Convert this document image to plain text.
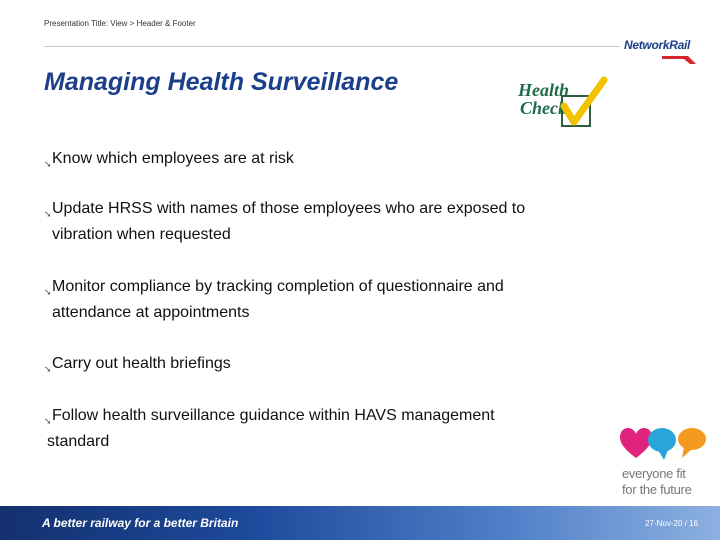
Presentation Title: View > Header & Footer
NetworkRail
Managing Health Surveillance	Health
Check
➘ Know which employees are at risk
➘ Update HRSS with names of those employees who are exposed to
vibration when requested
➘ Monitor compliance by tracking completion of questionnaire and
attendance at appointments
➘ Carry out health briefings
➘ Follow health surveillance guidance within HAVS management
standard
everyone fit
for the future
A better railway for a better Britain	27-Nov-20 / 16
